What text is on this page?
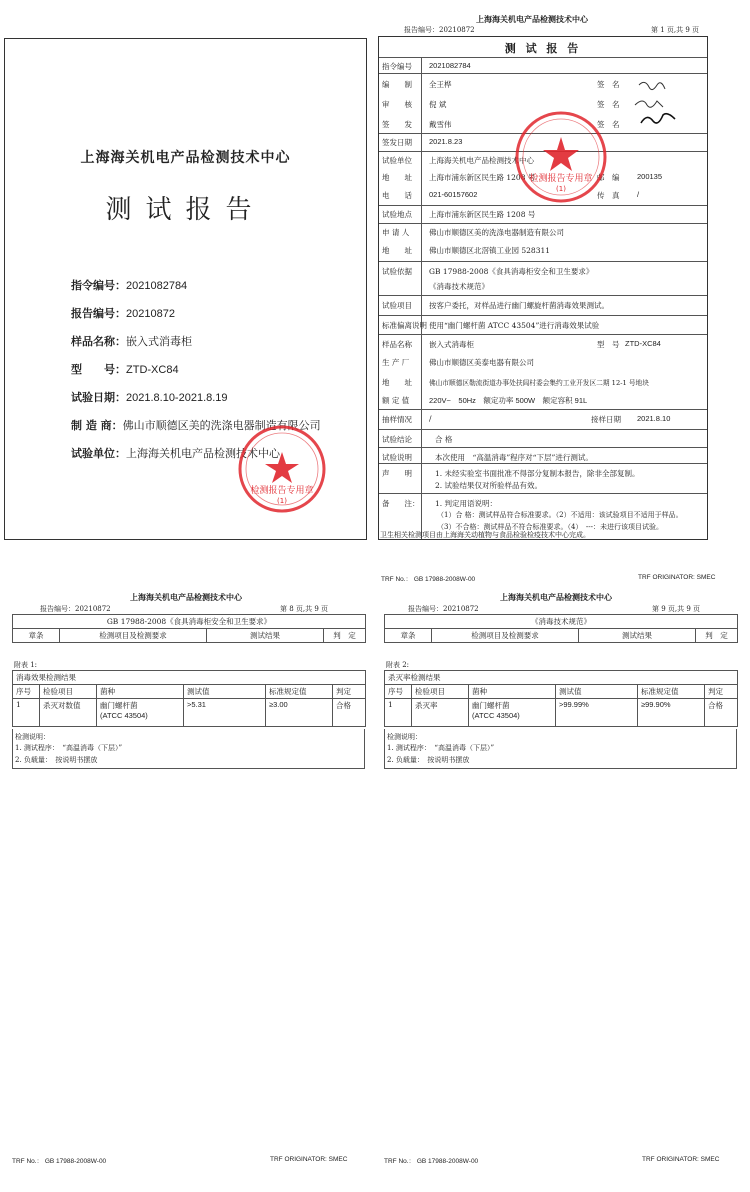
上海海关机电产品检测技术中心
测试报告
指令编号：2021082784
报告编号：20210872
样品名称：嵌入式消毒柜
型　　号：ZTD-XC84
试验日期：2021.8.10-2021.8.19
制 造 商：佛山市顺德区美的洗涤电器制造有限公司
试验单位：上海海关机电产品检测技术中心
检测报告专用章
(1)
上海海关机电产品检测技术中心
报告编号：20210872	第 1 页,共 9 页
测 试 报 告
指令编号 2021082784
编　　制 全王桦	签　名
审　　核 倪 斌	签　名
签　　发 戴雪伟	签　名
签发日期 2021.8.23
试验单位 上海海关机电产品检测技术中心
地　　址 上海市浦东新区民生路 1208 号	邮　编 200135
电　　话 021-60157602	传　真 /
试验地点 上海市浦东新区民生路 1208 号
检测报告专用章
(1)
申 请 人	佛山市顺德区美的洗涤电器制造有限公司
地　　址 佛山市顺德区北滘镇工业园 528311
试验依据 GB 17988-2008《食具消毒柜安全和卫生要求》
《消毒技术规范》
试验项目 按客户委托，对样品进行幽门螺旋杆菌消毒效果测试。
标准偏离说明 使用“幽门螺杆菌 ATCC 43504”进行消毒效果试验
样品名称 嵌入式消毒柜	型　号 ZTD-XC84
生 产 厂	佛山市顺德区美泰电器有限公司
地　　址	佛山市顺德区勒流街道办事处扶闾村委会集约工业开发区二期 12-1 号地块
额 定 值	220V~　50Hz　额定功率 500W　额定容积 91L
抽样情况 /	接样日期 2021.8.10
试验结论	合 格
试验说明	本次使用　“高温消毒”程序对“下层”进行测试。
声　　明	1. 未经实验室书面批准不得部分复制本报告，除非全部复制。
2. 试验结果仅对所验样品有效。
备　　注： 1. 判定用语说明：
（1）合 格：测试样品符合标准要求。（2）不适用：该试验项目不适用于样品。
（3）不合格：测试样品不符合标准要求。（4）　---：未进行该项目试验。
卫生相关检测项目由上海海关动植物与食品检验检疫技术中心完成。
上海海关机电产品检测技术中心
报告编号：20210872	第 8 页,共 9 页
GB 17988-2008《食具消毒柜安全和卫生要求》
章条	检测项目及检测要求	测试结果	判　定
附表 1:
消毒效果检测结果					
序号	检验项目	菌种	测试值	标准规定值	判定
1	杀灭对数值	幽门螺杆菌
(ATCC 43504)	>5.31	≥3.00	合格
检测说明：
1. 测试程序：　“高温消毒（下层）”
2. 负载量：　按说明书摆放
TRF No.： GB 17988-2008W-00	TRF ORIGINATOR: SMEC
TRF No.： GB 17988-2008W-00	TRF ORIGINATOR: SMEC
上海海关机电产品检测技术中心
报告编号：20210872	第 9 页,共 9 页
《消毒技术规范》
章条	检测项目及检测要求	测试结果	判　定
附表 2:
杀灭率检测结果					
序号	检验项目	菌种	测试值	标准规定值	判定
1	杀灭率	幽门螺杆菌
(ATCC 43504)	>99.99%	≥99.90%	合格
检测说明：
1. 测试程序：　“高温消毒（下层）”
2. 负载量：　按说明书摆放
TRF No.： GB 17988-2008W-00	TRF ORIGINATOR: SMEC
